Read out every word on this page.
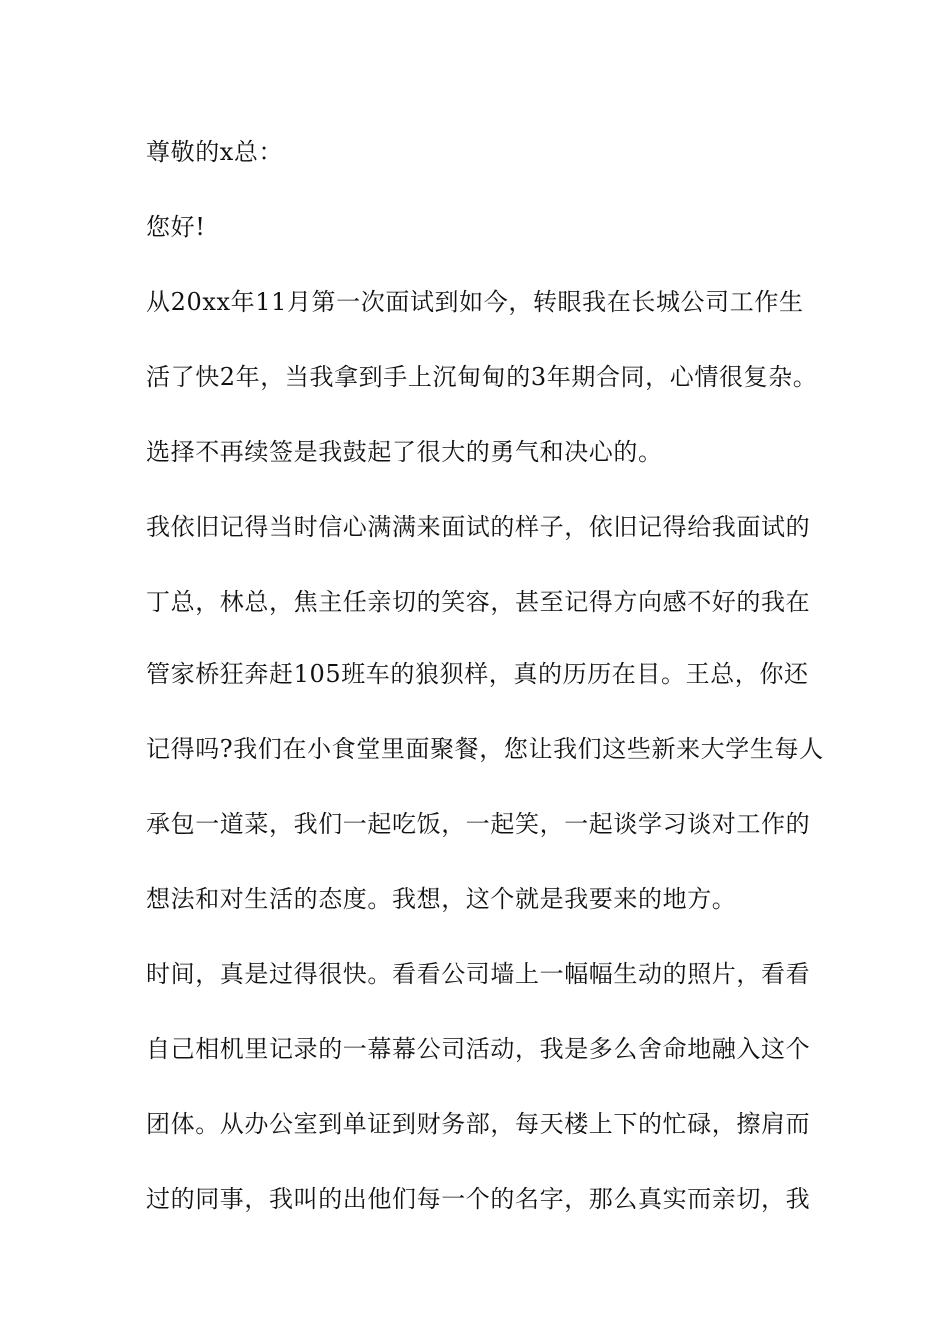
尊敬的x总：
您好!
从20xx年11月第一次面试到如今，转眼我在长城公司工作生
活了快2年，当我拿到手上沉甸甸的3年期合同，心情很复杂。
选择不再续签是我鼓起了很大的勇气和决心的。
我依旧记得当时信心满满来面试的样子，依旧记得给我面试的
丁总，林总，焦主任亲切的笑容，甚至记得方向感不好的我在
管家桥狂奔赶105班车的狼狈样，真的历历在目。王总，你还
记得吗?我们在小食堂里面聚餐，您让我们这些新来大学生每人
承包一道菜，我们一起吃饭，一起笑，一起谈学习谈对工作的
想法和对生活的态度。我想，这个就是我要来的地方。
时间，真是过得很快。看看公司墙上一幅幅生动的照片，看看
自己相机里记录的一幕幕公司活动，我是多么舍命地融入这个
团体。从办公室到单证到财务部，每天楼上下的忙碌，擦肩而
过的同事，我叫的出他们每一个的名字，那么真实而亲切，我
